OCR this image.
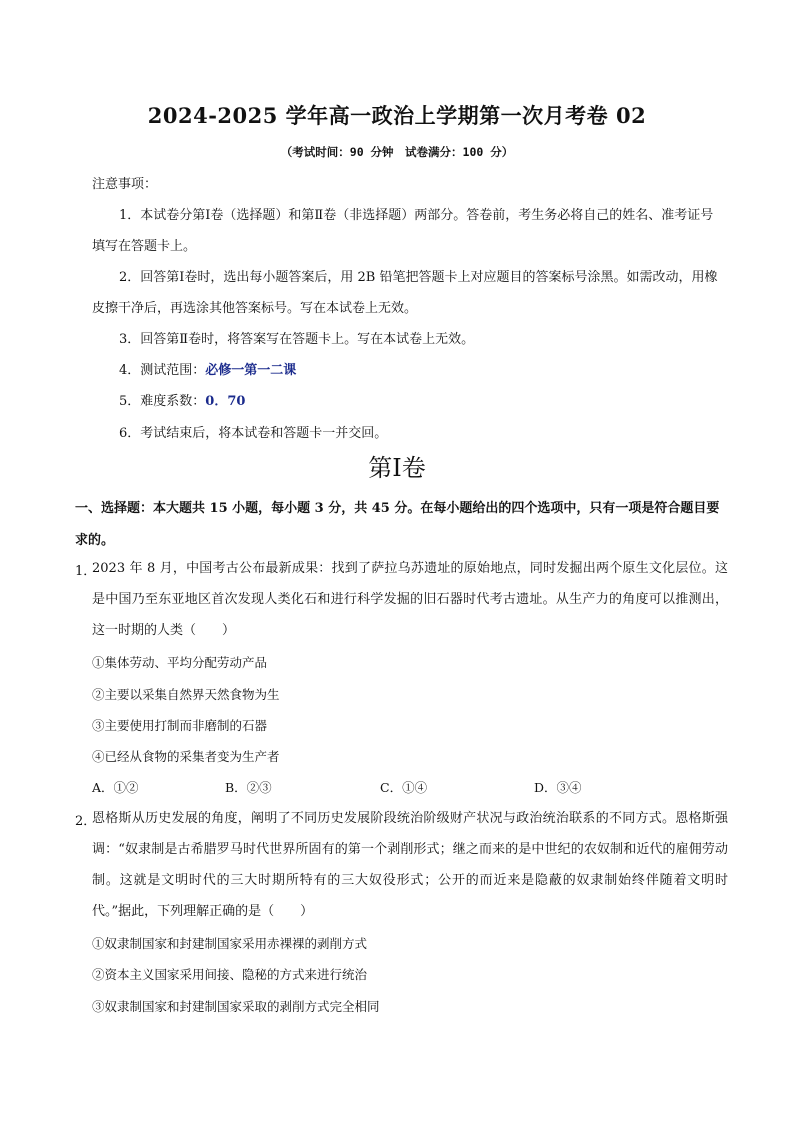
2024-2025 学年高一政治上学期第一次月考卷 02
（考试时间：90 分钟　试卷满分：100 分）
注意事项：
1．本试卷分第Ⅰ卷（选择题）和第Ⅱ卷（非选择题）两部分。答卷前，考生务必将自己的姓名、准考证号填写在答题卡上。
2．回答第Ⅰ卷时，选出每小题答案后，用 2B 铅笔把答题卡上对应题目的答案标号涂黑。如需改动，用橡皮擦干净后，再选涂其他答案标号。写在本试卷上无效。
3．回答第Ⅱ卷时，将答案写在答题卡上。写在本试卷上无效。
4．测试范围：必修一第一二课
5．难度系数：0．70
6．考试结束后，将本试卷和答题卡一并交回。
第Ⅰ卷
一、选择题：本大题共 15 小题，每小题 3 分，共 45 分。在每小题给出的四个选项中，只有一项是符合题目要求的。
1．
2023 年 8 月，中国考古公布最新成果：找到了萨拉乌苏遗址的原始地点，同时发掘出两个原生文化层位。这是中国乃至东亚地区首次发现人类化石和进行科学发掘的旧石器时代考古遗址。从生产力的角度可以推测出，这一时期的人类（　　）
①集体劳动、平均分配劳动产品
②主要以采集自然界天然食物为生
③主要使用打制而非磨制的石器
④已经从食物的采集者变为生产者
A．①②	B．②③	C．①④	D．③④
2．
恩格斯从历史发展的角度，阐明了不同历史发展阶段统治阶级财产状况与政治统治联系的不同方式。恩格斯强调：“奴隶制是古希腊罗马时代世界所固有的第一个剥削形式；继之而来的是中世纪的农奴制和近代的雇佣劳动制。这就是文明时代的三大时期所特有的三大奴役形式；公开的而近来是隐蔽的奴隶制始终伴随着文明时代。”据此，下列理解正确的是（　　）
①奴隶制国家和封建制国家采用赤裸裸的剥削方式
②资本主义国家采用间接、隐秘的方式来进行统治
③奴隶制国家和封建制国家采取的剥削方式完全相同
